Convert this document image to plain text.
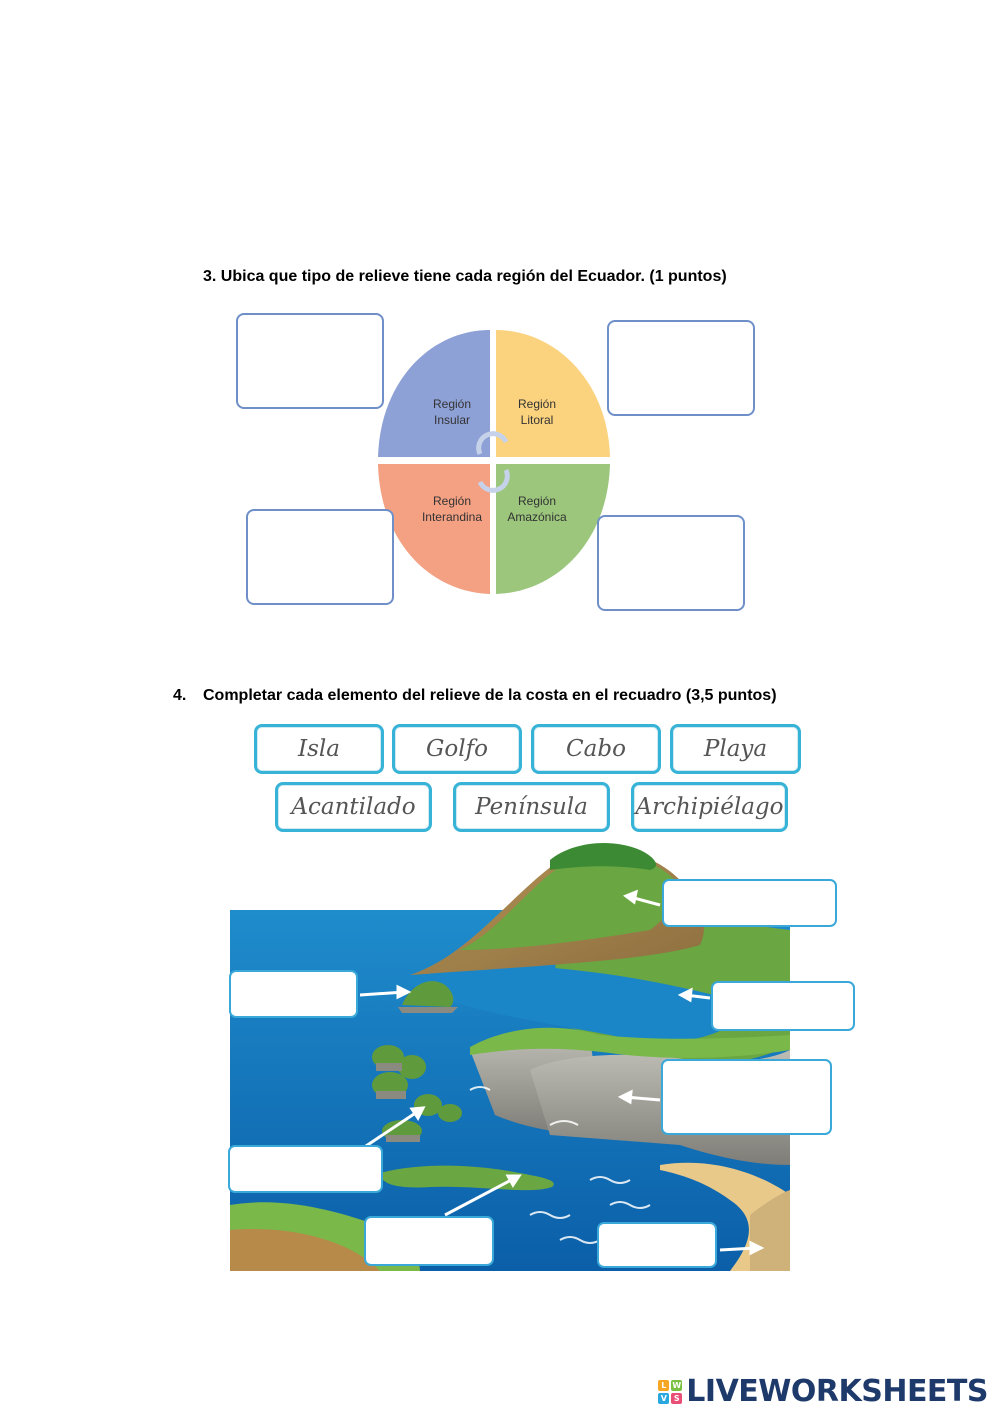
3. Ubica que tipo de relieve tiene cada región del Ecuador. (1 puntos)
Región
Insular
Región
Litoral
Región
Interandina
Región
Amazónica
4. Completar cada elemento del relieve de la costa en el recuadro (3,5 puntos)
Isla	Golfo	Cabo	Playa
Acantilado	Península	Archipiélago
L W
V S LIVEWORKSHEETS
